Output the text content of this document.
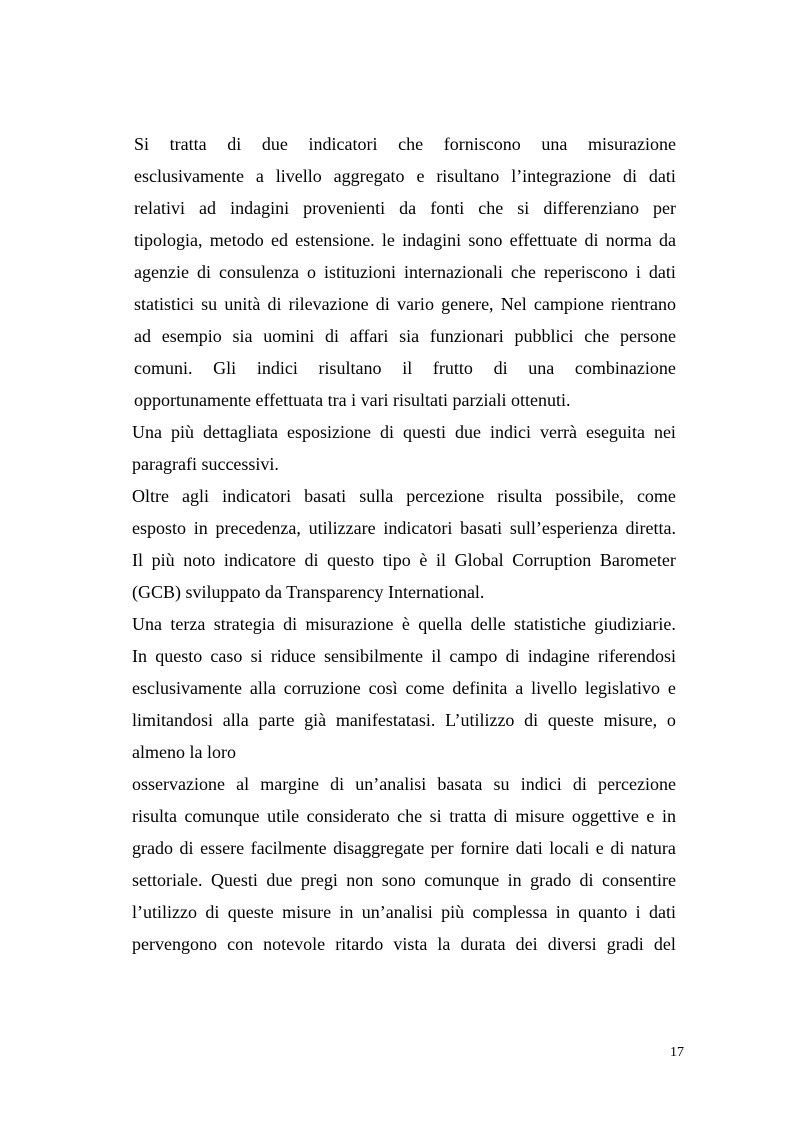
Si tratta di due indicatori che forniscono una misurazione
esclusivamente a livello aggregato e risultano l’integrazione di dati
relativi ad indagini provenienti da fonti che si differenziano per
tipologia, metodo ed estensione. le indagini sono effettuate di norma da
agenzie di consulenza o istituzioni internazionali che reperiscono i dati
statistici su unità di rilevazione di vario genere, Nel campione rientrano
ad esempio sia uomini di affari sia funzionari pubblici che persone
comuni. Gli indici risultano il frutto di una combinazione
opportunamente effettuata tra i vari risultati parziali ottenuti.
Una più dettagliata esposizione di questi due indici verrà eseguita nei
paragrafi successivi.
Oltre agli indicatori basati sulla percezione risulta possibile, come
esposto in precedenza, utilizzare indicatori basati sull’esperienza diretta.
Il più noto indicatore di questo tipo è il Global Corruption Barometer
(GCB) sviluppato da Transparency International.
Una terza strategia di misurazione è quella delle statistiche giudiziarie.
In questo caso si riduce sensibilmente il campo di indagine riferendosi
esclusivamente alla corruzione così come definita a livello legislativo e
limitandosi alla parte già manifestatasi. L’utilizzo di queste misure, o
almeno la loro
osservazione al margine di un’analisi basata su indici di percezione
risulta comunque utile considerato che si tratta di misure oggettive e in
grado di essere facilmente disaggregate per fornire dati locali e di natura
settoriale. Questi due pregi non sono comunque in grado di consentire
l’utilizzo di queste misure in un’analisi più complessa in quanto i dati
pervengono con notevole ritardo vista la durata dei diversi gradi del
17
